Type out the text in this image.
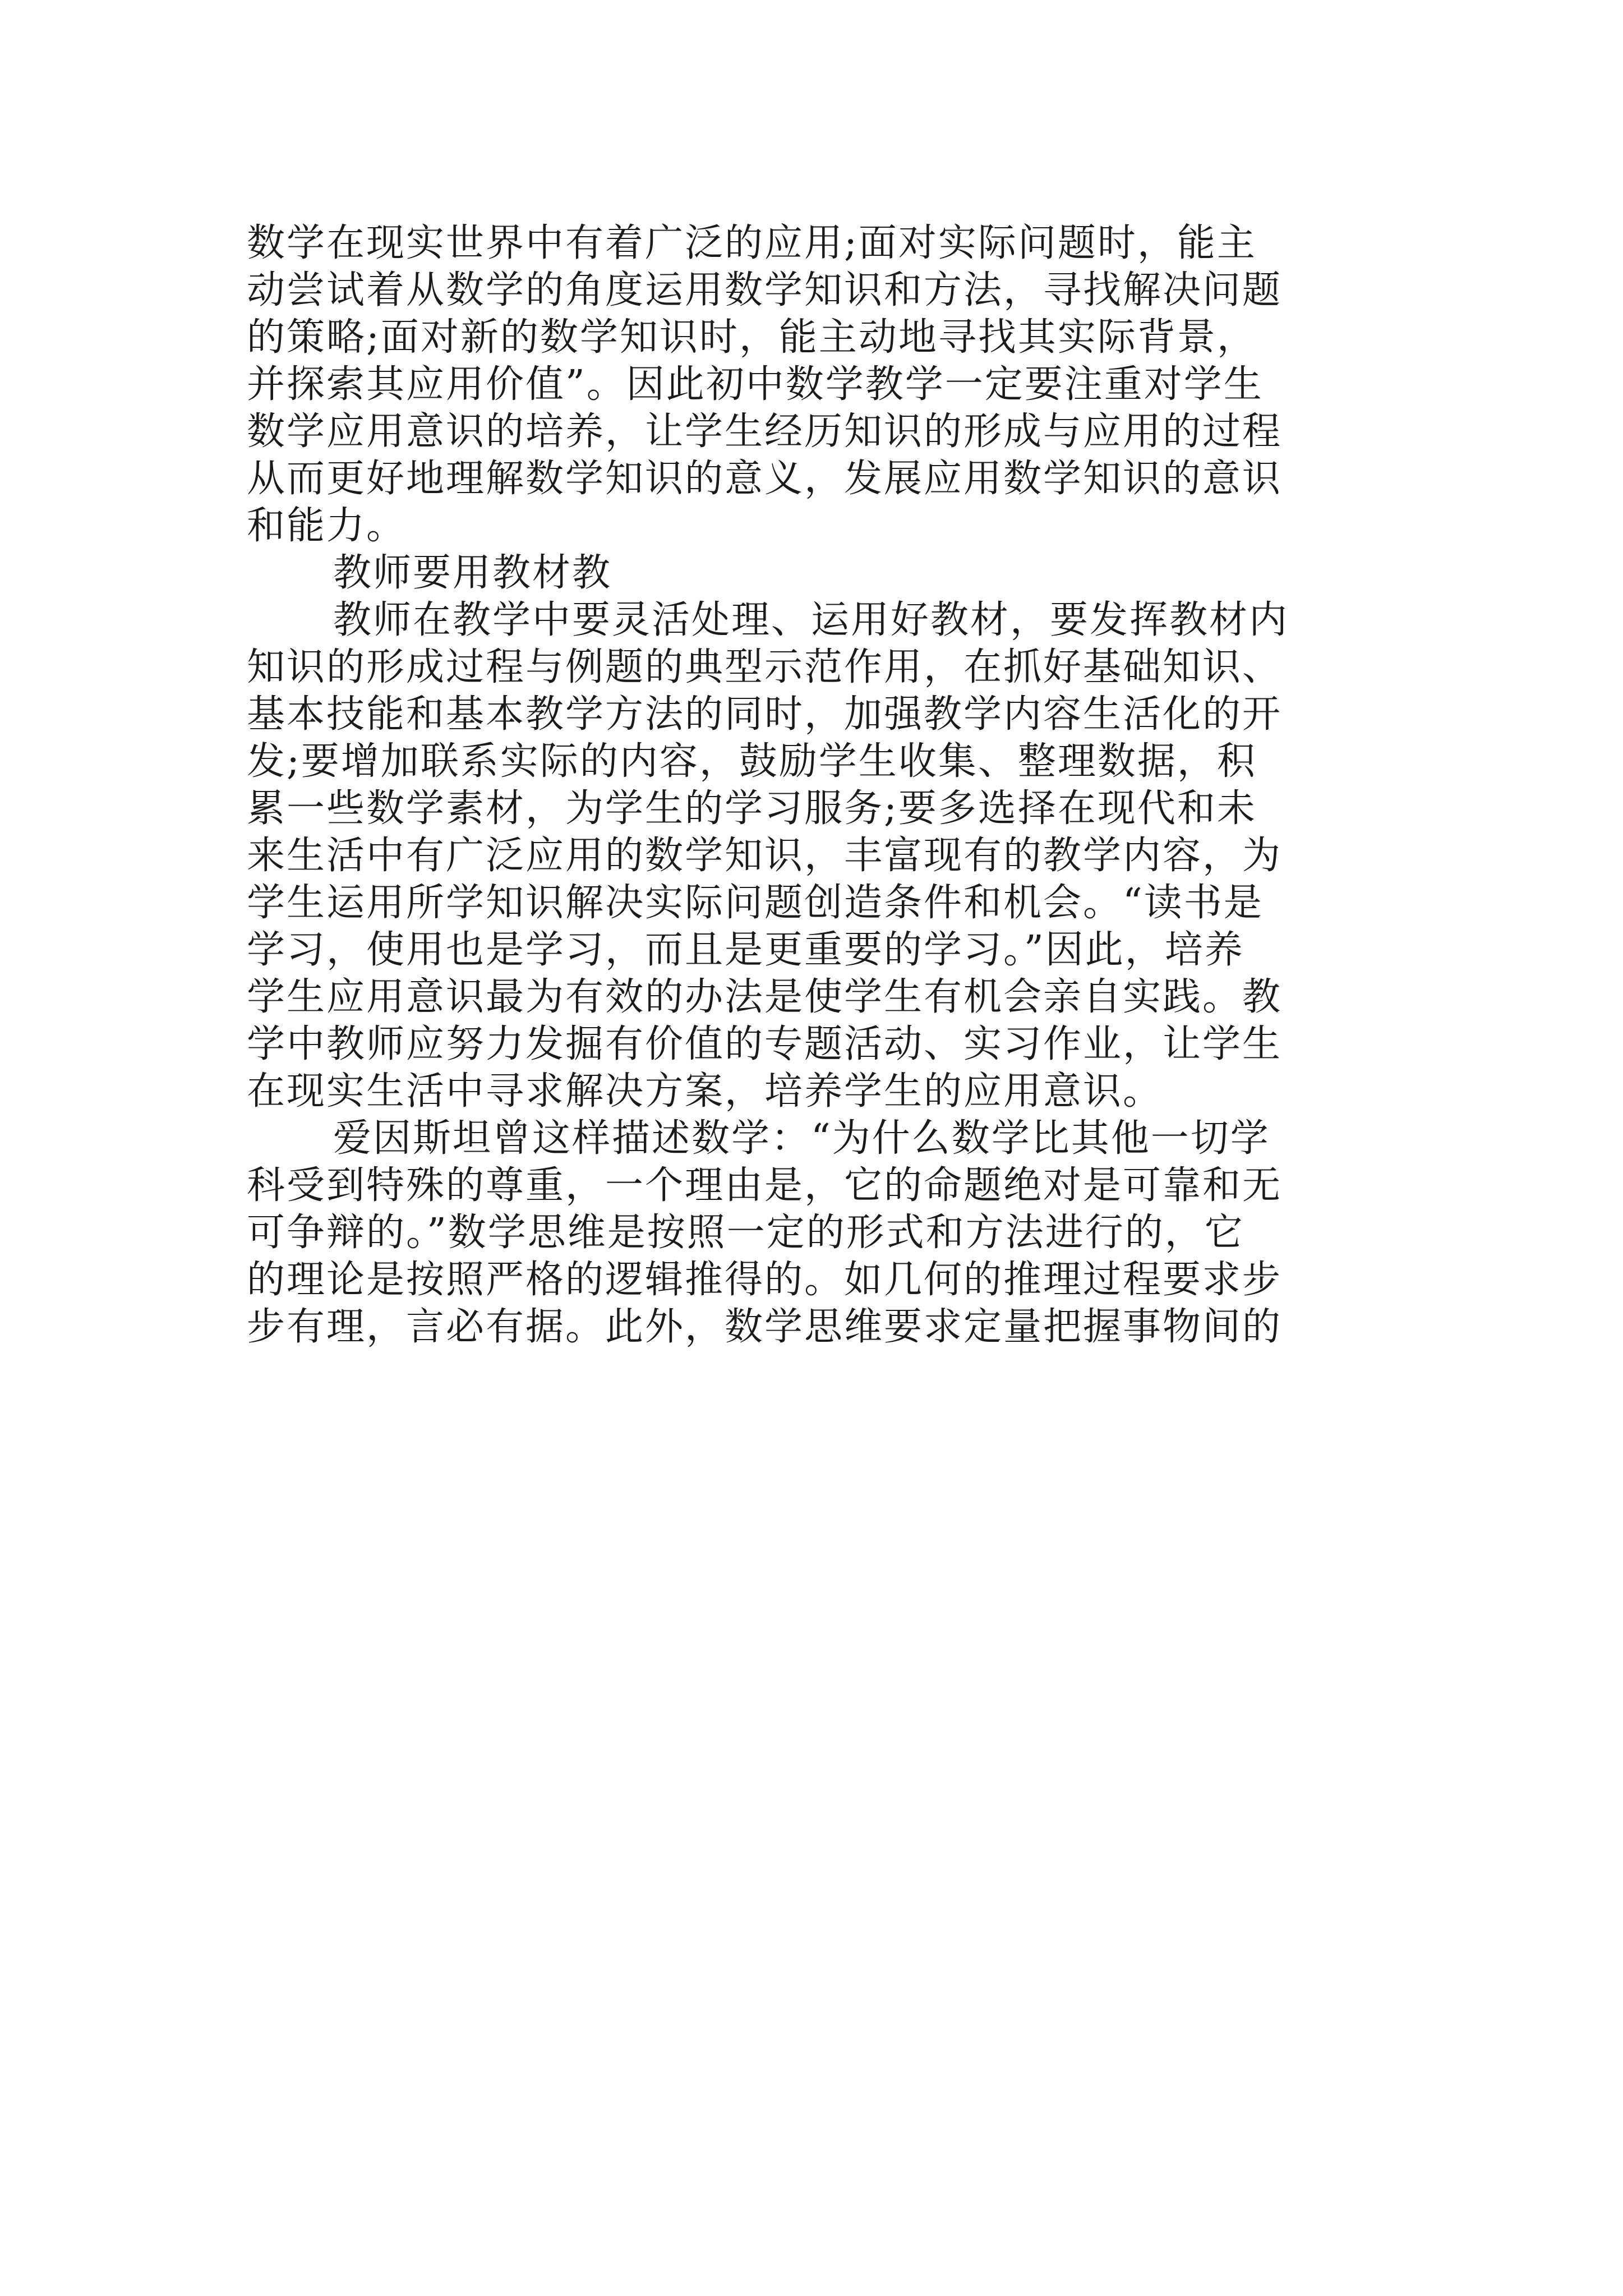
数学在现实世界中有着广泛的应用;面对实际问题时，能主
动尝试着从数学的角度运用数学知识和方法，寻找解决问题
的策略;面对新的数学知识时，能主动地寻找其实际背景，
并探索其应用价值”。因此初中数学教学一定要注重对学生
数学应用意识的培养，让学生经历知识的形成与应用的过程
从而更好地理解数学知识的意义，发展应用数学知识的意识
和能力。
教师要用教材教
教师在教学中要灵活处理、运用好教材，要发挥教材内
知识的形成过程与例题的典型示范作用，在抓好基础知识、
基本技能和基本教学方法的同时，加强教学内容生活化的开
发;要增加联系实际的内容，鼓励学生收集、整理数据，积
累一些数学素材，为学生的学习服务;要多选择在现代和未
来生活中有广泛应用的数学知识，丰富现有的教学内容，为
学生运用所学知识解决实际问题创造条件和机会。“读书是
学习，使用也是学习，而且是更重要的学习。”因此，培养
学生应用意识最为有效的办法是使学生有机会亲自实践。教
学中教师应努力发掘有价值的专题活动、实习作业，让学生
在现实生活中寻求解决方案，培养学生的应用意识。
爱因斯坦曾这样描述数学：“为什么数学比其他一切学
科受到特殊的尊重，一个理由是，它的命题绝对是可靠和无
可争辩的。”数学思维是按照一定的形式和方法进行的，它
的理论是按照严格的逻辑推得的。如几何的推理过程要求步
步有理，言必有据。此外，数学思维要求定量把握事物间的
